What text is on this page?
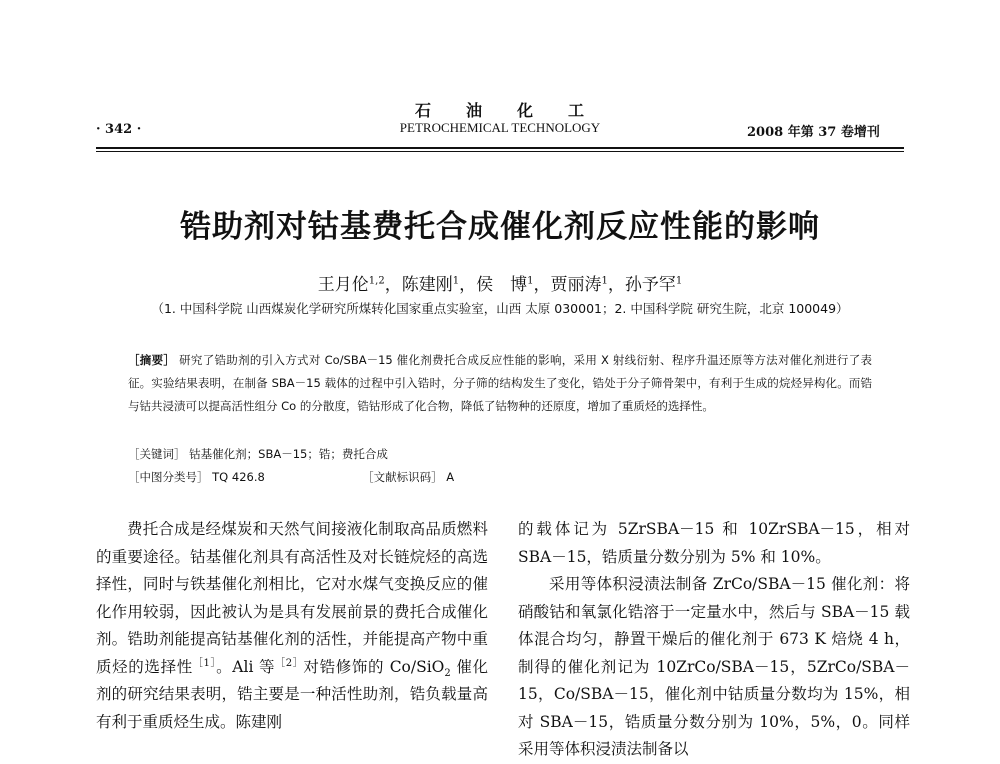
石　　油　　化　　工
· 342 ·	PETROCHEMICAL TECHNOLOGY	2008 年第 37 卷增刊
锆助剂对钴基费托合成催化剂反应性能的影响
王月伦$^{1,2}$，陈建刚$^1$，侯　博$^1$，贾丽涛$^1$，孙予罕$^1$
（1. 中国科学院 山西煤炭化学研究所煤转化国家重点实验室，山西 太原 030001；2. 中国科学院 研究生院，北京 100049）
［摘要］ 研究了锆助剂的引入方式对 Co/SBA－15 催化剂费托合成反应性能的影响，采用 X 射线衍射、程序升温还原等方法对催化剂进行了表征。实验结果表明，在制备 SBA－15 载体的过程中引入锆时，分子筛的结构发生了变化，锆处于分子筛骨架中，有利于生成的烷烃异构化。而锆与钴共浸渍可以提高活性组分 Co 的分散度，锆钴形成了化合物，降低了钴物种的还原度，增加了重质烃的选择性。
［关键词］ 钴基催化剂；SBA－15；锆；费托合成
［中图分类号］ TQ 426.8	［文献标识码］ A

费托合成是经煤炭和天然气间接液化制取高品质燃料的重要途径。钴基催化剂具有高活性及对长链烷烃的高选择性，同时与铁基催化剂相比，它对水煤气变换反应的催化作用较弱，因此被认为是具有发展前景的费托合成催化剂。锆助剂能提高钴基催化剂的活性，并能提高产物中重质烃的选择性$^{[1]}$。Ali 等$^{[2]}$对锆修饰的 Co/SiO$_2$ 催化剂的研究结果表明，锆主要是一种活性助剂，锆负载量高有利于重质烃生成。陈建刚

的载体记为 5ZrSBA－15 和 10ZrSBA－15，相对 SBA－15，锆质量分数分别为 5% 和 10%。

采用等体积浸渍法制备 ZrCo/SBA－15 催化剂：将硝酸钴和氧氯化锆溶于一定量水中，然后与 SBA－15 载体混合均匀，静置干燥后的催化剂于 673 K 焙烧 4 h，制得的催化剂记为 10ZrCo/SBA－15，5ZrCo/SBA－15，Co/SBA－15，催化剂中钴质量分数均为 15%，相对 SBA－15，锆质量分数分别为 10%，5%，0。同样采用等体积浸渍法制备以
